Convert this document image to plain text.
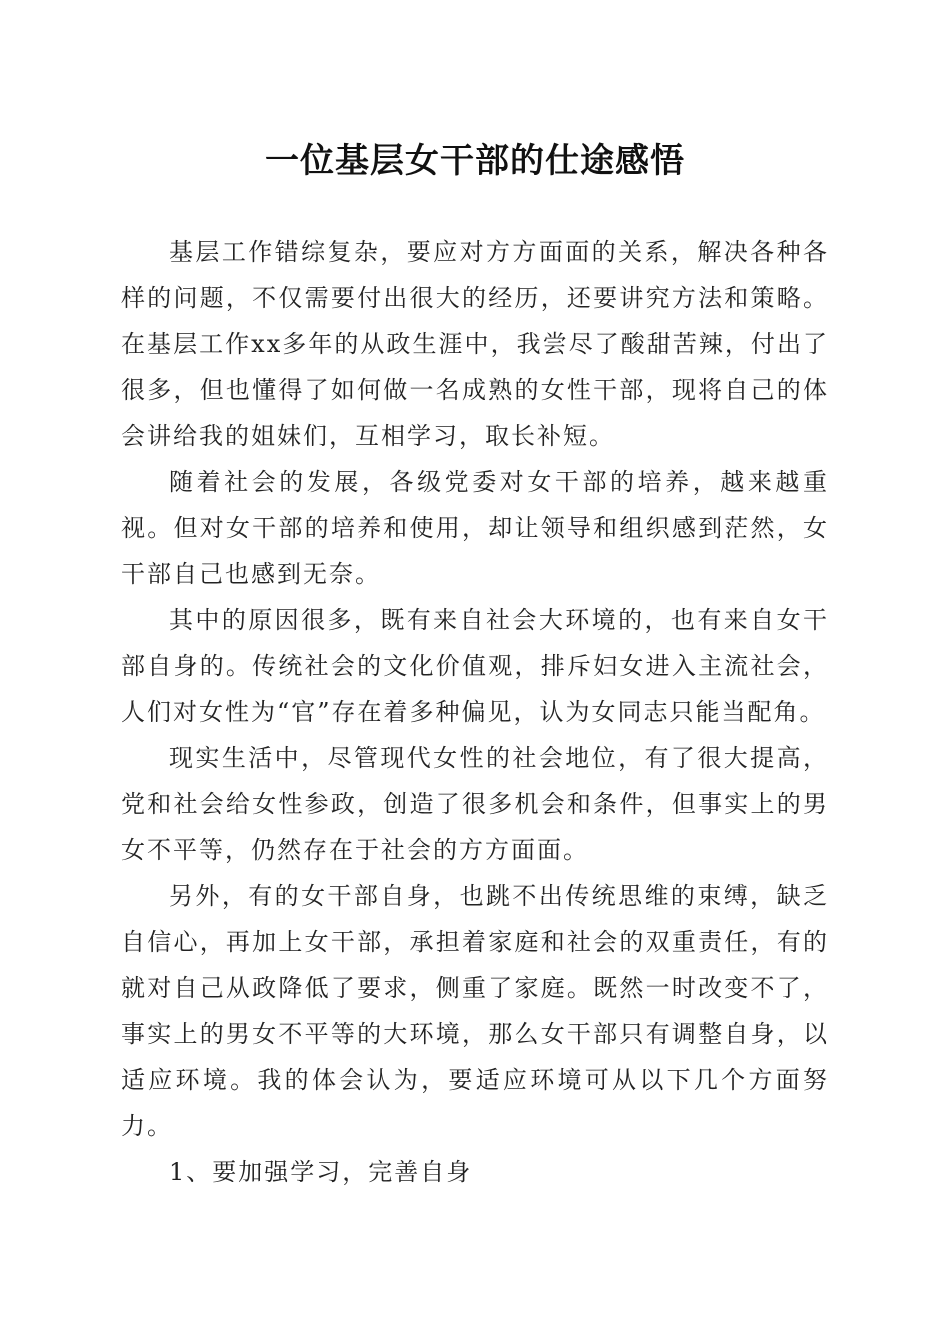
一位基层女干部的仕途感悟

基层工作错综复杂，要应对方方面面的关系，解决各种各样的问题，不仅需要付出很大的经历，还要讲究方法和策略。在基层工作xx多年的从政生涯中，我尝尽了酸甜苦辣，付出了很多，但也懂得了如何做一名成熟的女性干部，现将自己的体会讲给我的姐妹们，互相学习，取长补短。

随着社会的发展，各级党委对女干部的培养，越来越重视。但对女干部的培养和使用，却让领导和组织感到茫然，女干部自己也感到无奈。

其中的原因很多，既有来自社会大环境的，也有来自女干部自身的。传统社会的文化价值观，排斥妇女进入主流社会，人们对女性为“官”存在着多种偏见，认为女同志只能当配角。

现实生活中，尽管现代女性的社会地位，有了很大提高，党和社会给女性参政，创造了很多机会和条件，但事实上的男女不平等，仍然存在于社会的方方面面。

另外，有的女干部自身，也跳不出传统思维的束缚，缺乏自信心，再加上女干部，承担着家庭和社会的双重责任，有的就对自己从政降低了要求，侧重了家庭。既然一时改变不了，事实上的男女不平等的大环境，那么女干部只有调整自身，以适应环境。我的体会认为，要适应环境可从以下几个方面努力。

1、要加强学习，完善自身
